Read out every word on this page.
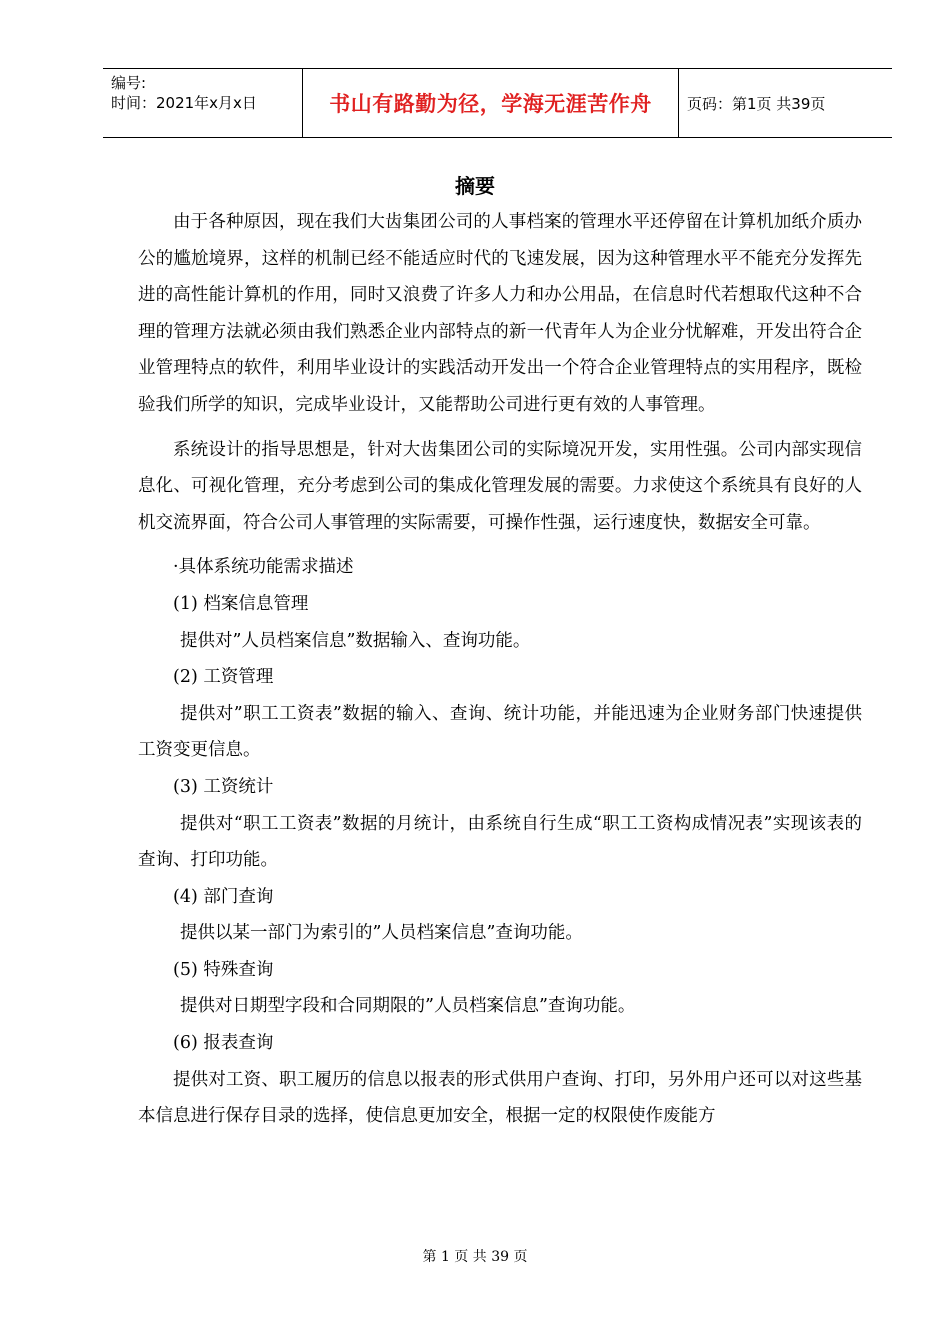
编号:
时间：2021年x月x日	书山有路勤为径，学海无涯苦作舟	页码：第1页 共39页
摘要

由于各种原因，现在我们大齿集团公司的人事档案的管理水平还停留在计算机加纸介质办公的尴尬境界，这样的机制已经不能适应时代的飞速发展，因为这种管理水平不能充分发挥先进的高性能计算机的作用，同时又浪费了许多人力和办公用品，在信息时代若想取代这种不合理的管理方法就必须由我们熟悉企业内部特点的新一代青年人为企业分忧解难，开发出符合企业管理特点的软件，利用毕业设计的实践活动开发出一个符合企业管理特点的实用程序，既检验我们所学的知识，完成毕业设计，又能帮助公司进行更有效的人事管理。

系统设计的指导思想是，针对大齿集团公司的实际境况开发，实用性强。公司内部实现信息化、可视化管理，充分考虑到公司的集成化管理发展的需要。力求使这个系统具有良好的人机交流界面，符合公司人事管理的实际需要，可操作性强，运行速度快，数据安全可靠。

·具体系统功能需求描述

(1) 档案信息管理

提供对”人员档案信息”数据输入、查询功能。

(2) 工资管理

提供对”职工工资表”数据的输入、查询、统计功能，并能迅速为企业财务部门快速提供工资变更信息。

(3) 工资统计

提供对“职工工资表”数据的月统计，由系统自行生成“职工工资构成情况表”实现该表的查询、打印功能。

(4) 部门查询

提供以某一部门为索引的”人员档案信息”查询功能。

(5) 特殊查询

提供对日期型字段和合同期限的”人员档案信息”查询功能。

(6) 报表查询

提供对工资、职工履历的信息以报表的形式供用户查询、打印，另外用户还可以对这些基本信息进行保存目录的选择，使信息更加安全，根据一定的权限使作废能方

第 1 页 共 39 页
